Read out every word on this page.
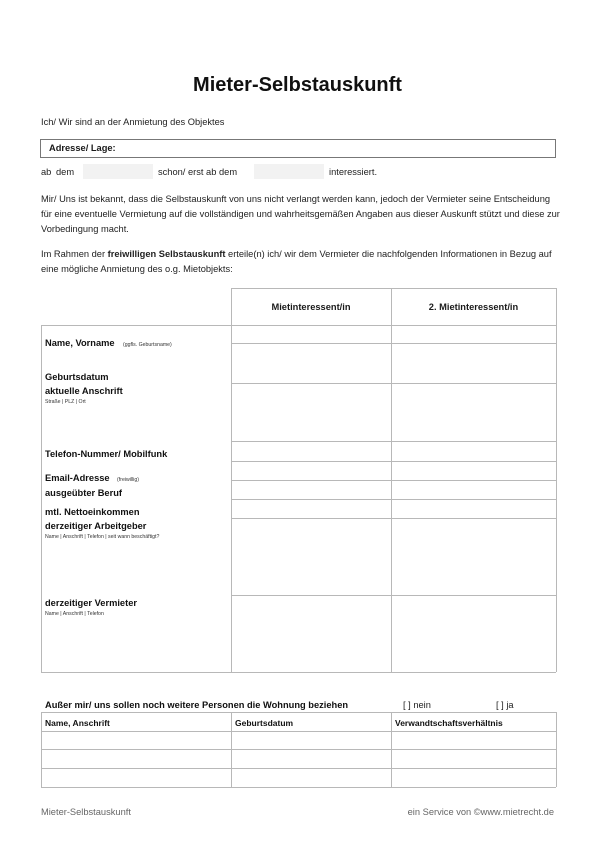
Mieter-Selbstauskunft
Ich/ Wir sind an der Anmietung des Objektes
Adresse/ Lage:
ab dem	schon/ erst ab dem	interessiert.
Mir/ Uns ist bekannt, dass die Selbstauskunft von uns nicht verlangt werden kann, jedoch der Vermieter seine Entscheidung für eine eventuelle Vermietung auf die vollständigen und wahrheitsgemäßen Angaben aus dieser Auskunft stützt und diese zur Vorbedingung macht.
Im Rahmen der freiwilligen Selbstauskunft erteile(n) ich/ wir dem Vermieter die nachfolgenden Informationen in Bezug auf eine mögliche Anmietung des o.g. Mietobjekts:
Mietinteressent/in	2. Mietinteressent/in
Name, Vorname (ggfls. Geburtsname)
Geburtsdatum
aktuelle Anschrift
Straße | PLZ | Ort
Telefon-Nummer/ Mobilfunk
Email-Adresse (freiwillig)
ausgeübter Beruf
mtl. Nettoeinkommen
derzeitiger Arbeitgeber
Name | Anschrift | Telefon | seit wann beschäftigt?
derzeitiger Vermieter
Name | Anschrift | Telefon
Außer mir/ uns sollen noch weitere Personen die Wohnung beziehen	[ ] nein	[ ] ja
Name, Anschrift	Geburtsdatum	Verwandtschaftsverhältnis
Mieter-Selbstauskunft	ein Service von ©www.mietrecht.de
